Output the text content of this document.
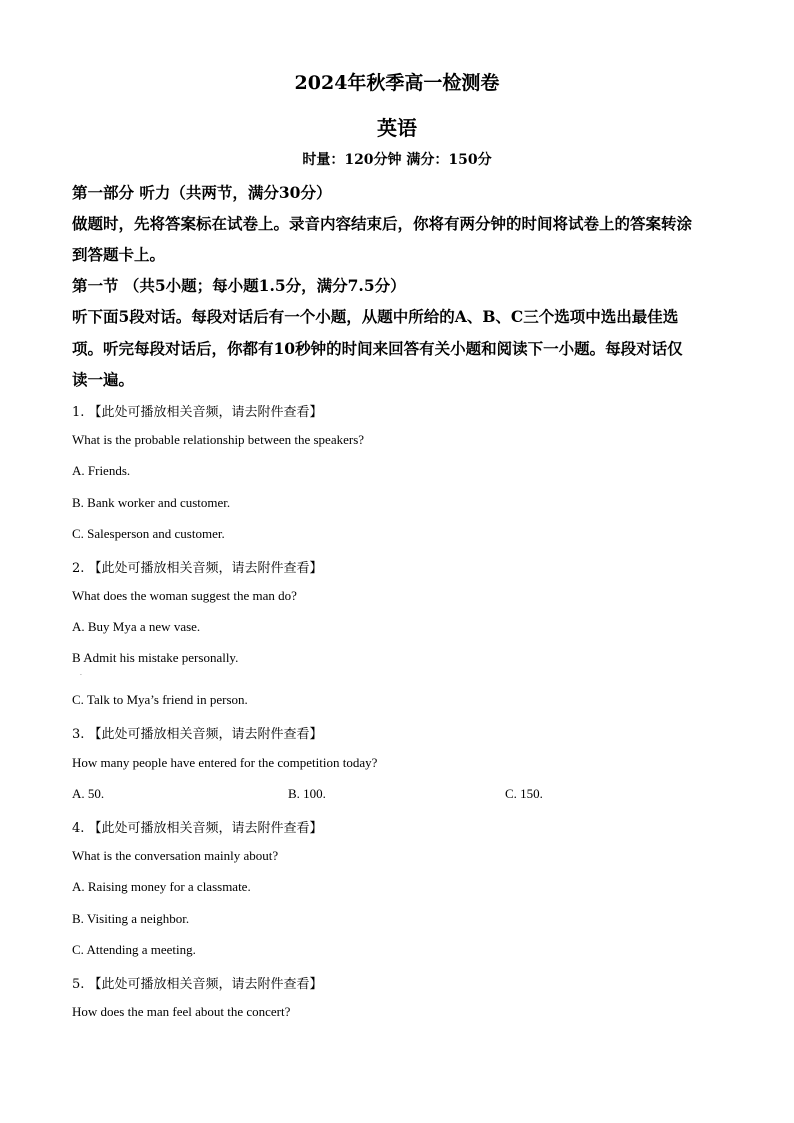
2024年秋季高一检测卷
英语
时量：120分钟 满分：150分
第一部分 听力（共两节，满分30分）
做题时，先将答案标在试卷上。录音内容结束后，你将有两分钟的时间将试卷上的答案转涂
到答题卡上。
第一节 （共5小题；每小题1.5分，满分7.5分）
听下面5段对话。每段对话后有一个小题，从题中所给的A、B、C三个选项中选出最佳选
项。听完每段对话后，你都有10秒钟的时间来回答有关小题和阅读下一小题。每段对话仅
读一遍。
1. 【此处可播放相关音频，请去附件查看】
What is the probable relationship between the speakers?
A. Friends.
B. Bank worker and customer.
C. Salesperson and customer.
2. 【此处可播放相关音频，请去附件查看】
What does the woman suggest the man do?
A. Buy Mya a new vase.
B Admit his mistake personally.
·
C. Talk to Mya’s friend in person.
3. 【此处可播放相关音频，请去附件查看】
How many people have entered for the competition today?
A. 50.	B. 100.	C. 150.
4. 【此处可播放相关音频，请去附件查看】
What is the conversation mainly about?
A. Raising money for a classmate.
B. Visiting a neighbor.
C. Attending a meeting.
5. 【此处可播放相关音频，请去附件查看】
How does the man feel about the concert?
